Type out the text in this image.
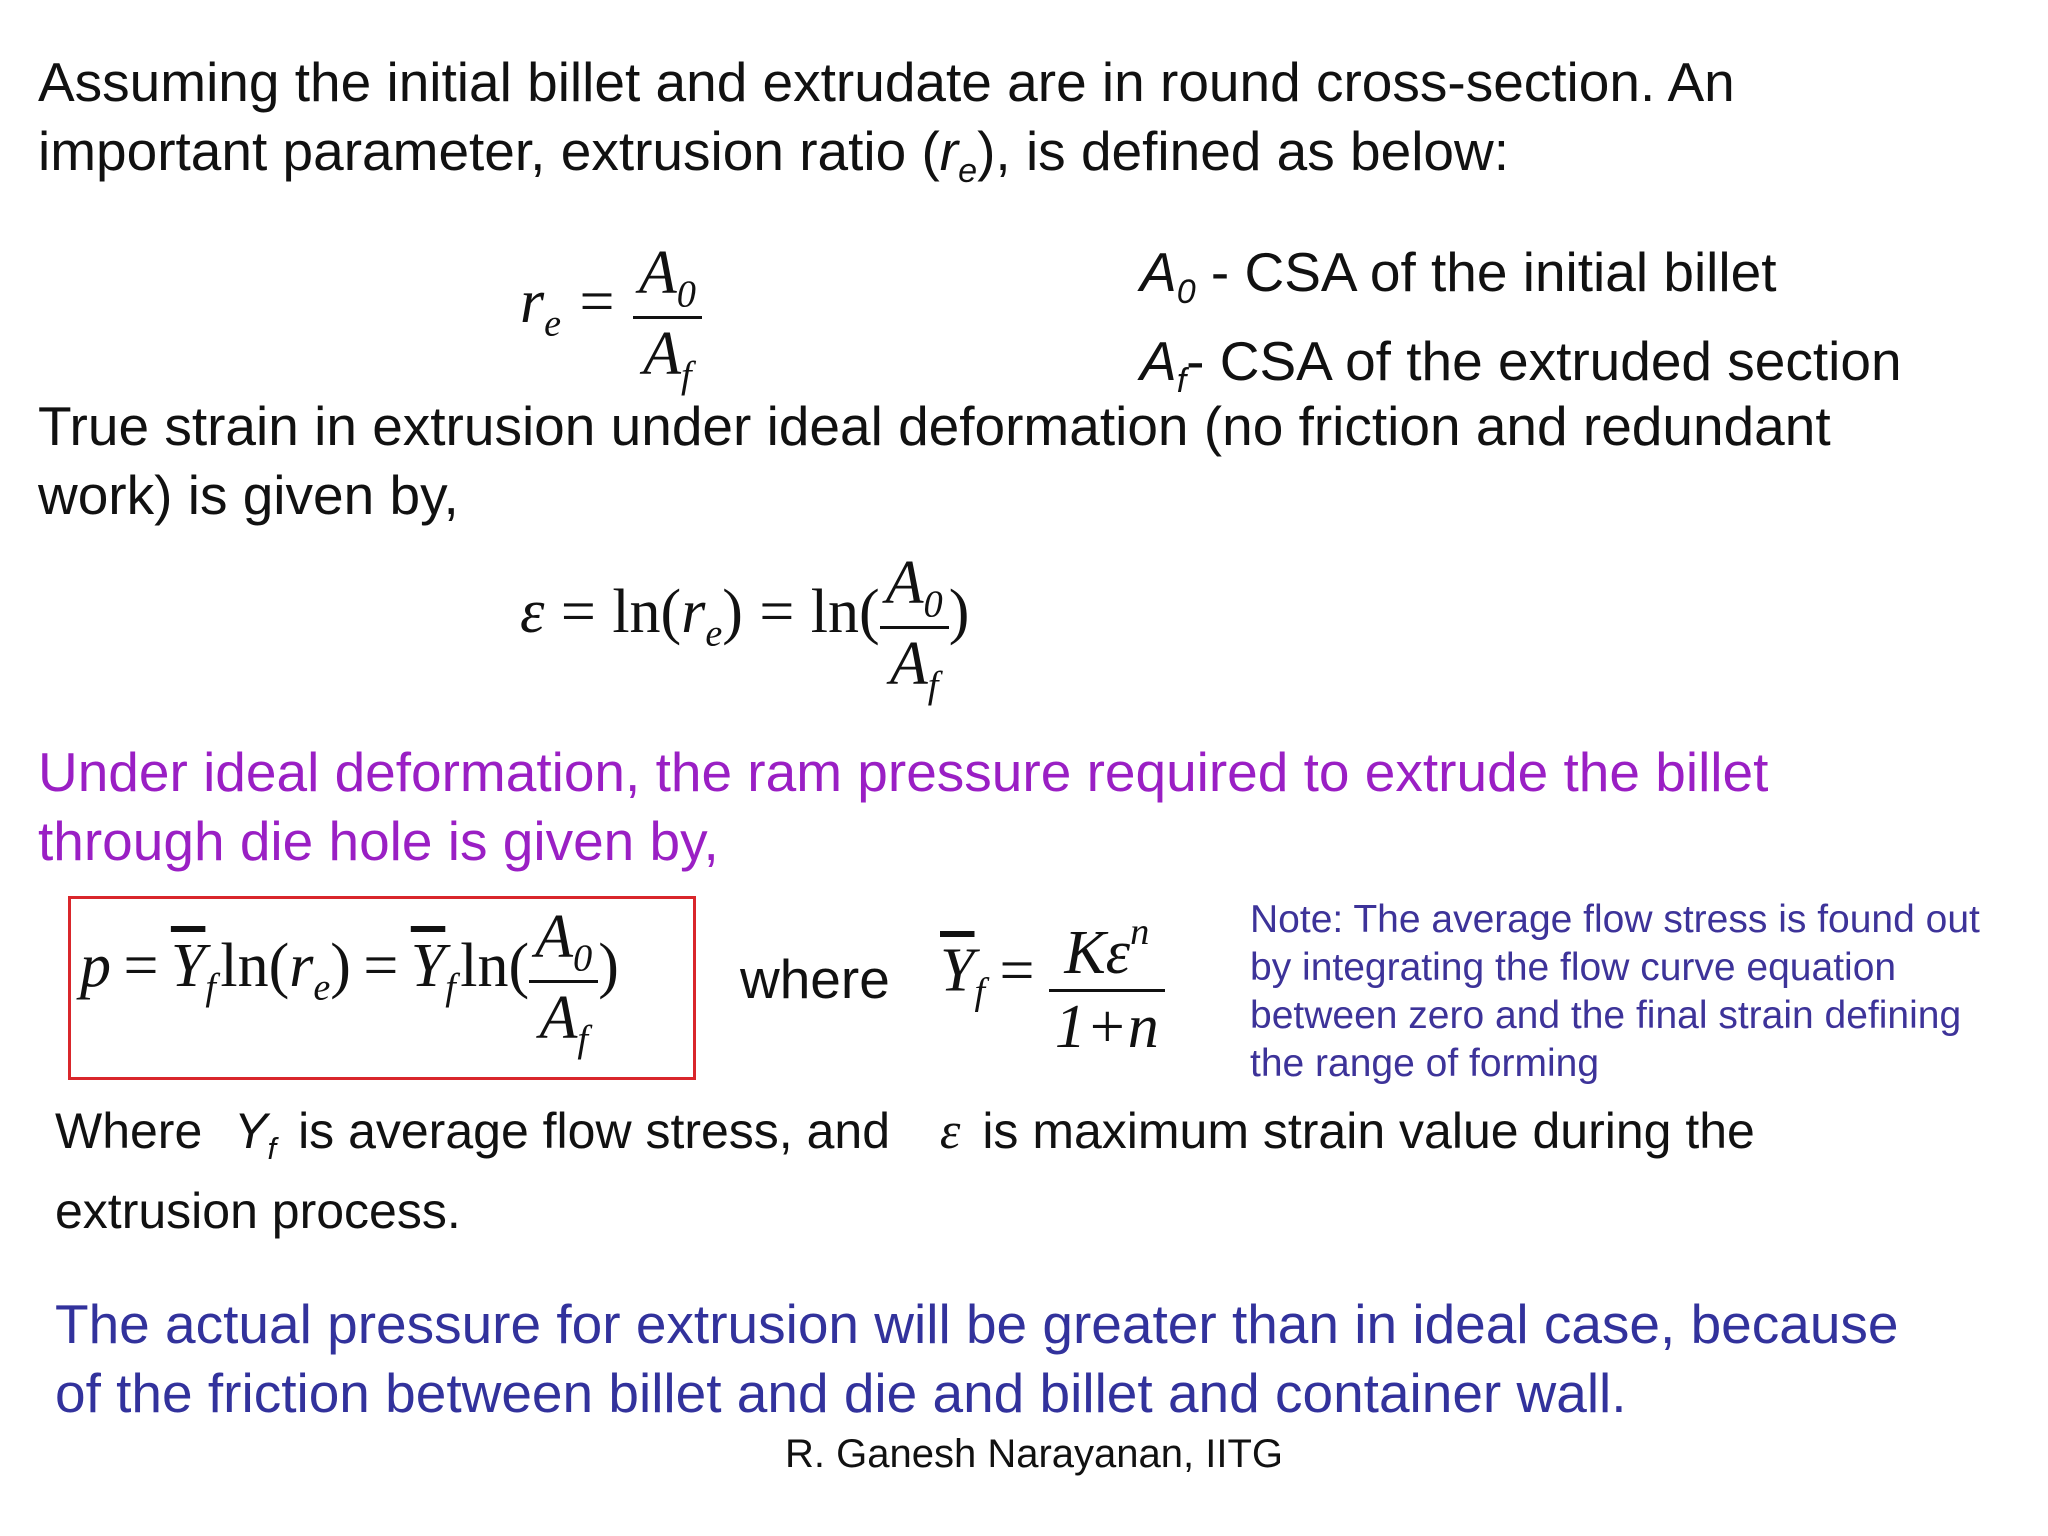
Assuming the initial billet and extrudate are in round cross-section. An
important parameter, extrusion ratio $(r_e)$, is defined as below:
$r_e = \frac{A_0}{A_f}$	$A_0$ - CSA of the initial billet
$A_f-$ CSA of the extruded section
True strain in extrusion under ideal deformation (no friction and redundant
work) is given by,
$\varepsilon = \ln(r_e) = \ln( \frac{A_0}{A_f}$ )
Under ideal deformation, the ram pressure required to extrude the billet
through die hole is given by,
$p = \overline{Y}_f$ $\ln(r_e) = \overline{Y}_f$ $\ln( \frac{A_0}{A_f}$ ) where $\overline{Y}_f = \frac{K\varepsilon^n}{1+n}$ Note: The average flow stress is found out
by integrating the flow curve equation
between zero and the final strain defining
the range of forming
Where $Y_f$ is average flow stress, and ε is maximum strain value during the
extrusion process.
The actual pressure for extrusion will be greater than in ideal case, because
of the friction between billet and die and billet and container wall.
R. Ganesh Narayanan, IITG
